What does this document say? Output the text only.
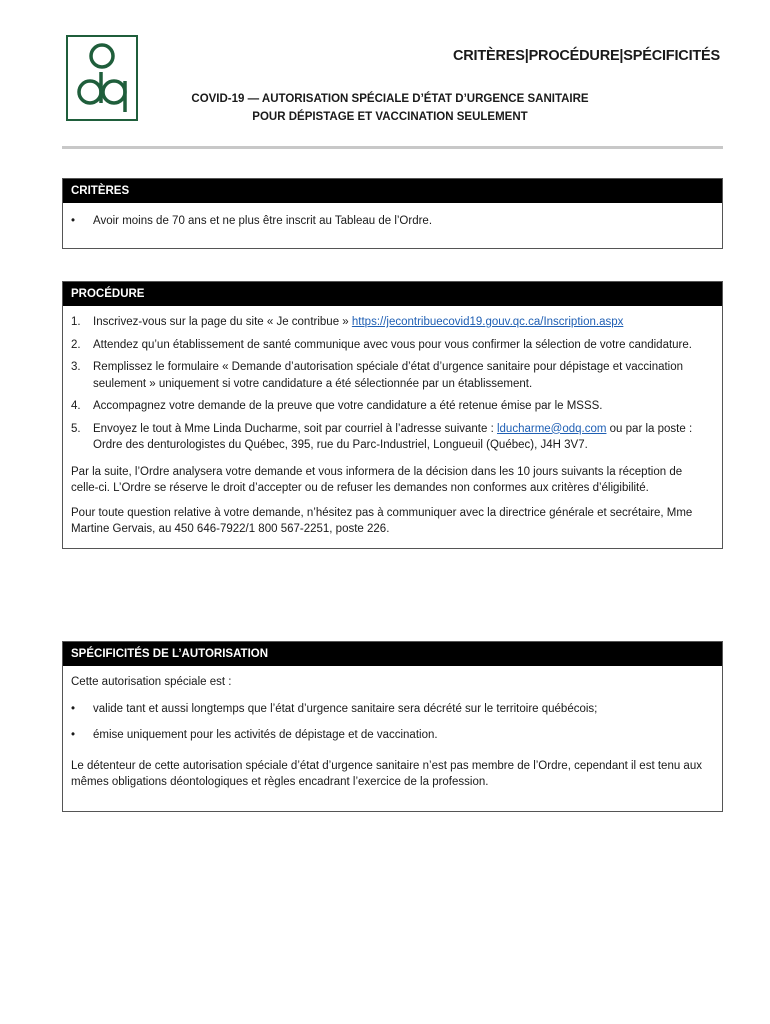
CRITÈRES|PROCÉDURE|SPÉCIFICITÉS
COVID-19 — AUTORISATION SPÉCIALE D’ÉTAT D’URGENCE SANITAIRE
POUR DÉPISTAGE ET VACCINATION SEULEMENT
CRITÈRES
• Avoir moins de 70 ans et ne plus être inscrit au Tableau de l’Ordre.
PROCÉDURE
1. Inscrivez-vous sur la page du site « Je contribue » https://jecontribuecovid19.gouv.qc.ca/Inscription.aspx
2. Attendez qu’un établissement de santé communique avec vous pour vous confirmer la sélection de votre candidature.
3. Remplissez le formulaire « Demande d’autorisation spéciale d’état d’urgence sanitaire pour dépistage et vaccination seulement » uniquement si votre candidature a été sélectionnée par un établissement.
4. Accompagnez votre demande de la preuve que votre candidature a été retenue émise par le MSSS.
5. Envoyez le tout à Mme Linda Ducharme, soit par courriel à l’adresse suivante : lducharme@odq.com ou par la poste : Ordre des denturologistes du Québec, 395, rue du Parc-Industriel, Longueuil (Québec), J4H 3V7.

Par la suite, l’Ordre analysera votre demande et vous informera de la décision dans les 10 jours suivants la réception de celle-ci. L’Ordre se réserve le droit d’accepter ou de refuser les demandes non conformes aux critères d’éligibilité.

Pour toute question relative à votre demande, n’hésitez pas à communiquer avec la directrice générale et secrétaire, Mme Martine Gervais, au 450 646-7922/1 800 567-2251, poste 226.

SPÉCIFICITÉS DE L’AUTORISATION
Cette autorisation spéciale est :
• valide tant et aussi longtemps que l’état d’urgence sanitaire sera décrété sur le territoire québécois;
• émise uniquement pour les activités de dépistage et de vaccination.

Le détenteur de cette autorisation spéciale d’état d’urgence sanitaire n’est pas membre de l’Ordre, cependant il est tenu aux mêmes obligations déontologiques et règles encadrant l’exercice de la profession.
